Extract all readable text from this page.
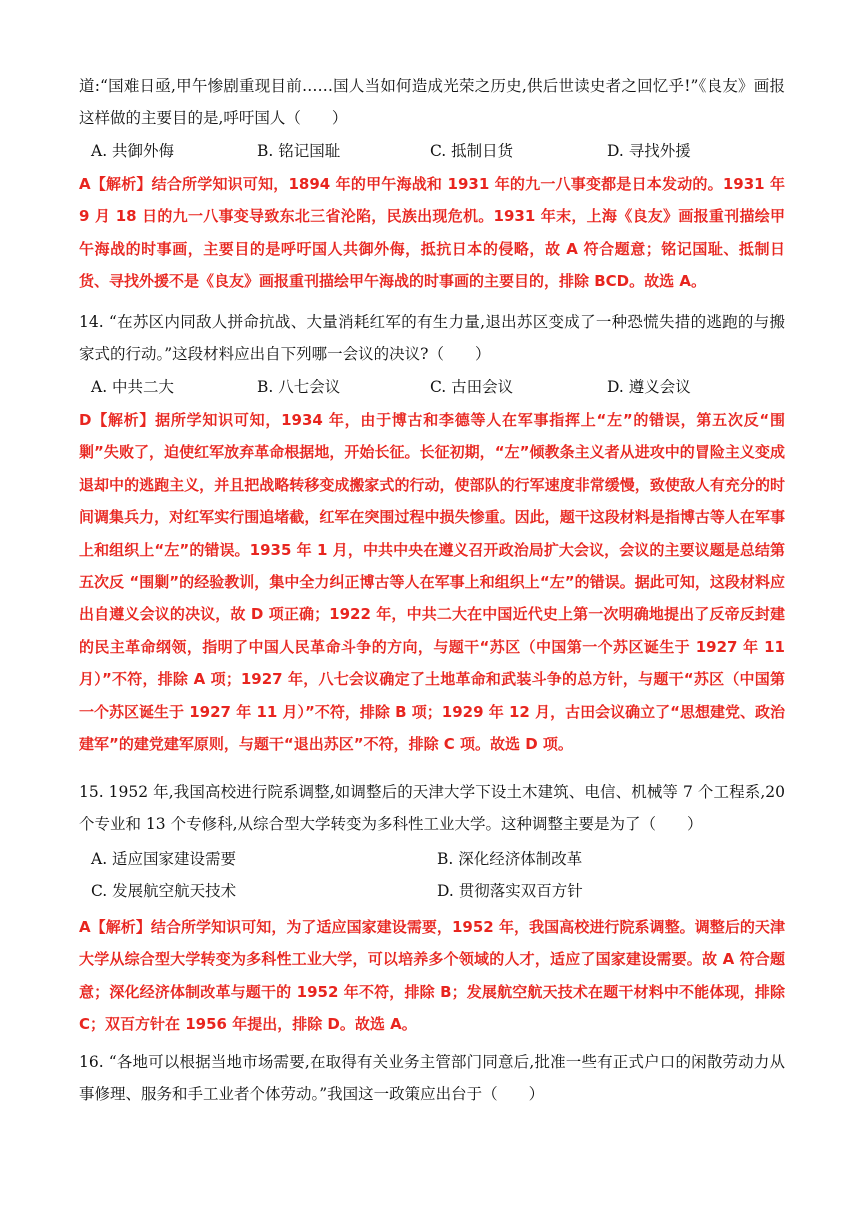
道:“国难日亟,甲午惨剧重现目前……国人当如何造成光荣之历史,供后世读史者之回忆乎!”《良友》画报这样做的主要目的是,呼吁国人（　　）

A. 共御外侮	B. 铭记国耻	C. 抵制日货	D. 寻找外援

A【解析】结合所学知识可知，1894 年的甲午海战和 1931 年的九一八事变都是日本发动的。1931 年 9 月 18 日的九一八事变导致东北三省沦陷，民族出现危机。1931 年末，上海《良友》画报重刊描绘甲午海战的时事画，主要目的是呼吁国人共御外侮，抵抗日本的侵略，故 A 符合题意；铭记国耻、抵制日货、寻找外援不是《良友》画报重刊描绘甲午海战的时事画的主要目的，排除 BCD。故选 A。

14. “在苏区内同敌人拼命抗战、大量消耗红军的有生力量,退出苏区变成了一种恐慌失措的逃跑的与搬家式的行动。”这段材料应出自下列哪一会议的决议?（　　）

A. 中共二大	B. 八七会议	C. 古田会议	D. 遵义会议

D【解析】据所学知识可知，1934 年，由于博古和李德等人在军事指挥上“左”的错误，第五次反“围剿”失败了，迫使红军放弃革命根据地，开始长征。长征初期，“左”倾教条主义者从进攻中的冒险主义变成退却中的逃跑主义，并且把战略转移变成搬家式的行动，使部队的行军速度非常缓慢，致使敌人有充分的时间调集兵力，对红军实行围追堵截，红军在突围过程中损失惨重。因此，题干这段材料是指博古等人在军事上和组织上“左”的错误。1935 年 1 月，中共中央在遵义召开政治局扩大会议，会议的主要议题是总结第五次反 “围剿”的经验教训，集中全力纠正博古等人在军事上和组织上“左”的错误。据此可知，这段材料应出自遵义会议的决议，故 D 项正确；1922 年，中共二大在中国近代史上第一次明确地提出了反帝反封建的民主革命纲领，指明了中国人民革命斗争的方向，与题干“苏区（中国第一个苏区诞生于 1927 年 11 月）”不符，排除 A 项；1927 年，八七会议确定了土地革命和武装斗争的总方针，与题干“苏区（中国第一个苏区诞生于 1927 年 11 月）”不符，排除 B 项；1929 年 12 月，古田会议确立了“思想建党、政治建军”的建党建军原则，与题干“退出苏区”不符，排除 C 项。故选 D 项。

15. 1952 年,我国高校进行院系调整,如调整后的天津大学下设土木建筑、电信、机械等 7 个工程系,20 个专业和 13 个专修科,从综合型大学转变为多科性工业大学。这种调整主要是为了（　　）

A. 适应国家建设需要	B. 深化经济体制改革
C. 发展航空航天技术	D. 贯彻落实双百方针

A【解析】结合所学知识可知，为了适应国家建设需要，1952 年，我国高校进行院系调整。调整后的天津大学从综合型大学转变为多科性工业大学，可以培养多个领域的人才，适应了国家建设需要。故 A 符合题意；深化经济体制改革与题干的 1952 年不符，排除 B；发展航空航天技术在题干材料中不能体现，排除 C；双百方针在 1956 年提出，排除 D。故选 A。

16. “各地可以根据当地市场需要,在取得有关业务主管部门同意后,批准一些有正式户口的闲散劳动力从事修理、服务和手工业者个体劳动。”我国这一政策应出台于（　　）
